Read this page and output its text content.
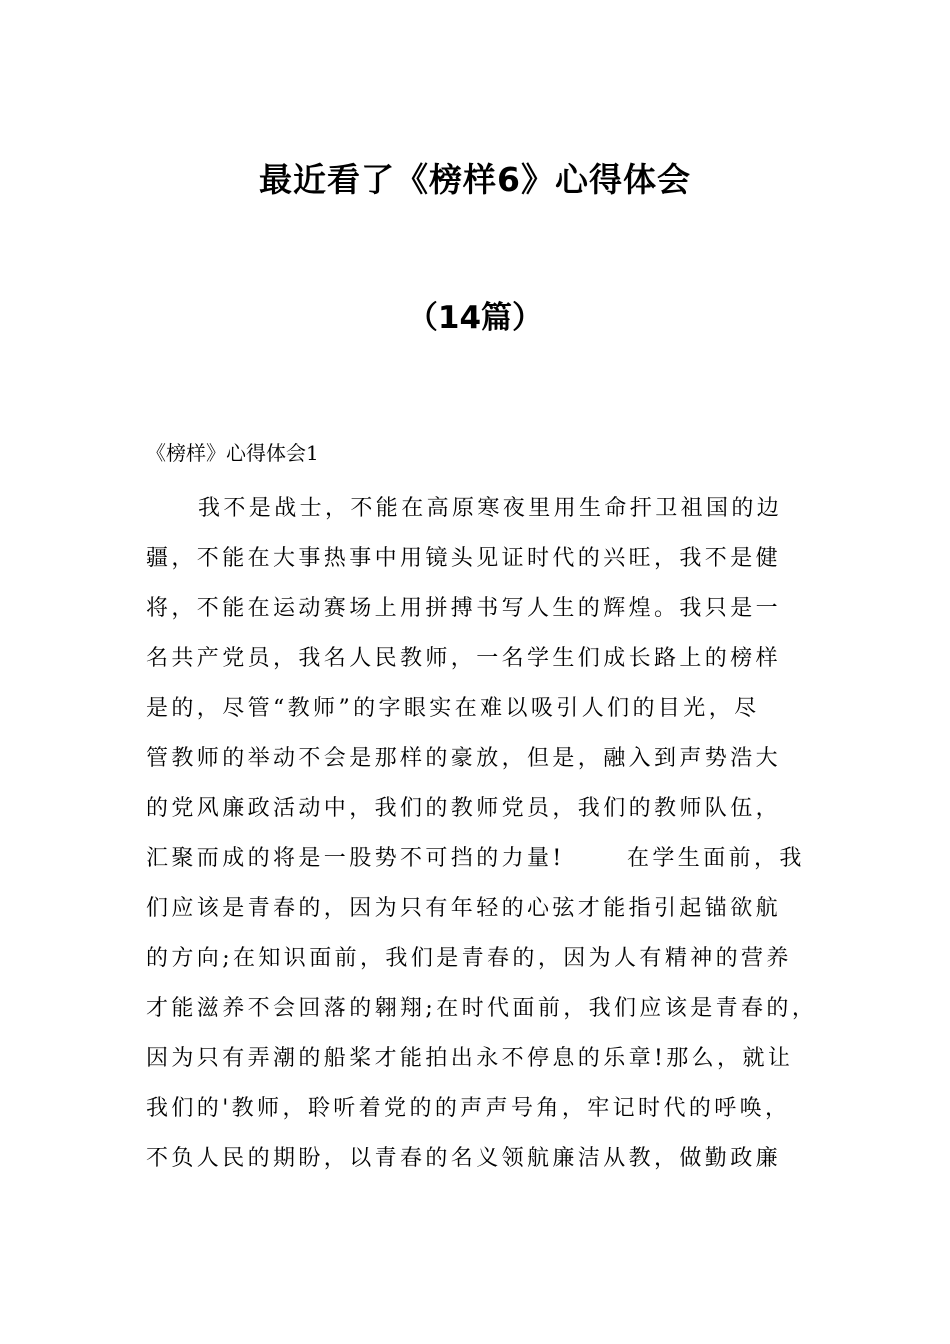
最近看了《榜样6》心得体会
（14篇）
《榜样》心得体会1
我不是战士，不能在高原寒夜里用生命扞卫祖国的边
疆，不能在大事热事中用镜头见证时代的兴旺，我不是健
将，不能在运动赛场上用拼搏书写人生的辉煌。我只是一
名共产党员，我名人民教师，一名学生们成长路上的榜样
是的，尽管“教师”的字眼实在难以吸引人们的目光，尽
管教师的举动不会是那样的豪放，但是，融入到声势浩大
的党风廉政活动中，我们的教师党员，我们的教师队伍，
汇聚而成的将是一股势不可挡的力量!      在学生面前，我
们应该是青春的，因为只有年轻的心弦才能指引起锚欲航
的方向;在知识面前，我们是青春的，因为人有精神的营养
才能滋养不会回落的翱翔;在时代面前，我们应该是青春的，
因为只有弄潮的船桨才能拍出永不停息的乐章!那么，就让
我们的'教师，聆听着党的的声声号角，牢记时代的呼唤，
不负人民的期盼，以青春的名义领航廉洁从教，做勤政廉
